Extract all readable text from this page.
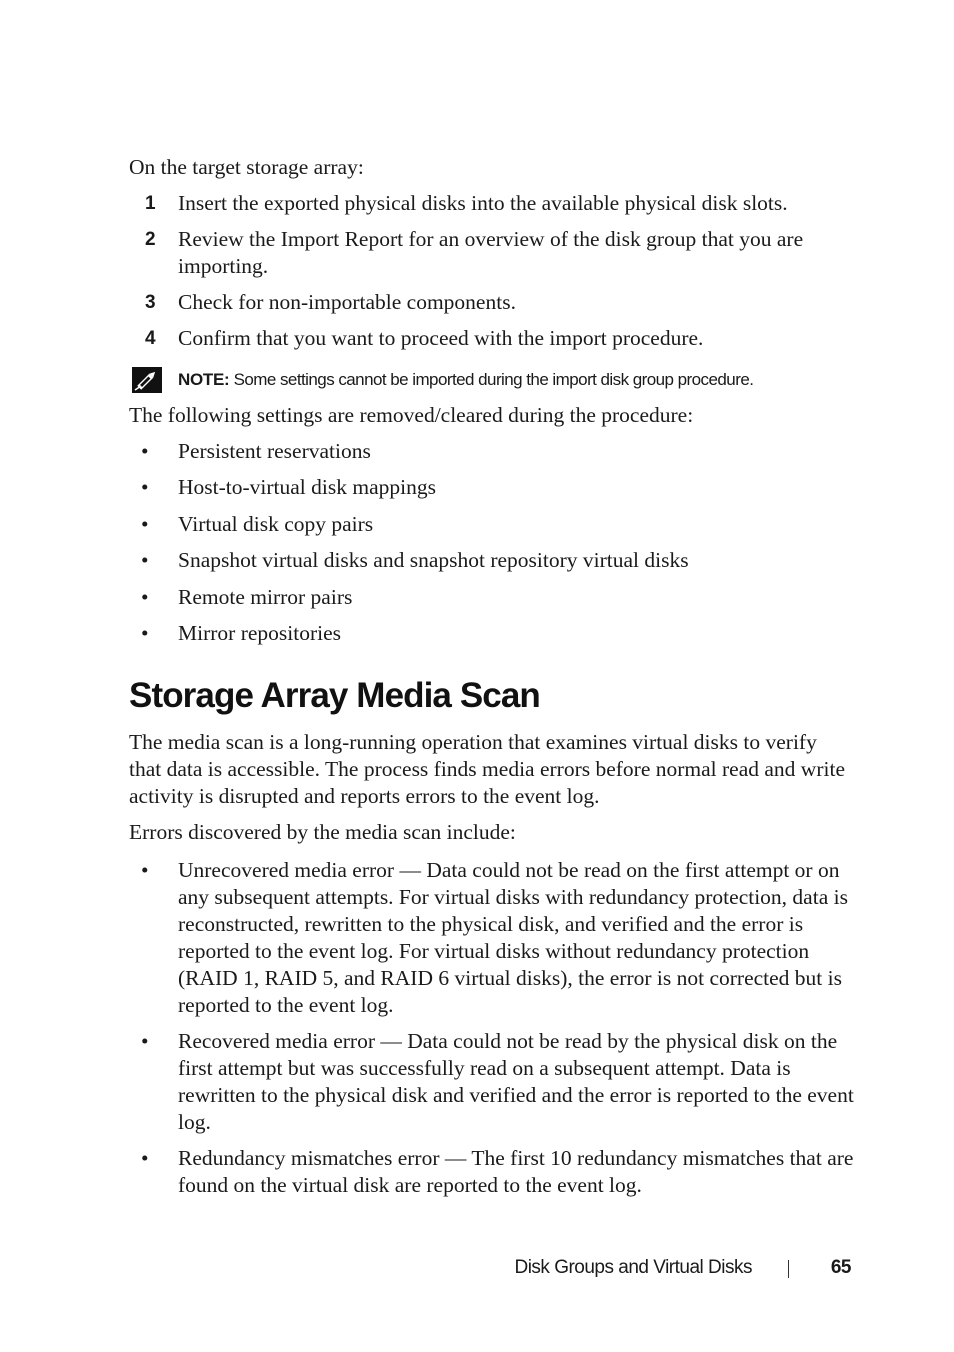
On the target storage array:

1 Insert the exported physical disks into the available physical disk slots.
2 Review the Import Report for an overview of the disk group that you are importing.
3 Check for non-importable components.
4 Confirm that you want to proceed with the import procedure.
NOTE: Some settings cannot be imported during the import disk group procedure.

The following settings are removed/cleared during the procedure:

• Persistent reservations
• Host-to-virtual disk mappings
• Virtual disk copy pairs
• Snapshot virtual disks and snapshot repository virtual disks
• Remote mirror pairs
• Mirror repositories
Storage Array Media Scan

The media scan is a long-running operation that examines virtual disks to verify that data is accessible. The process finds media errors before normal read and write activity is disrupted and reports errors to the event log.

Errors discovered by the media scan include:

• Unrecovered media error — Data could not be read on the first attempt or on any subsequent attempts. For virtual disks with redundancy protection, data is reconstructed, rewritten to the physical disk, and verified and the error is reported to the event log. For virtual disks without redundancy protection (RAID 1, RAID 5, and RAID 6 virtual disks), the error is not corrected but is reported to the event log.
• Recovered media error — Data could not be read by the physical disk on the first attempt but was successfully read on a subsequent attempt. Data is rewritten to the physical disk and verified and the error is reported to the event log.
• Redundancy mismatches error — The first 10 redundancy mismatches that are found on the virtual disk are reported to the event log.
Disk Groups and Virtual Disks	65
